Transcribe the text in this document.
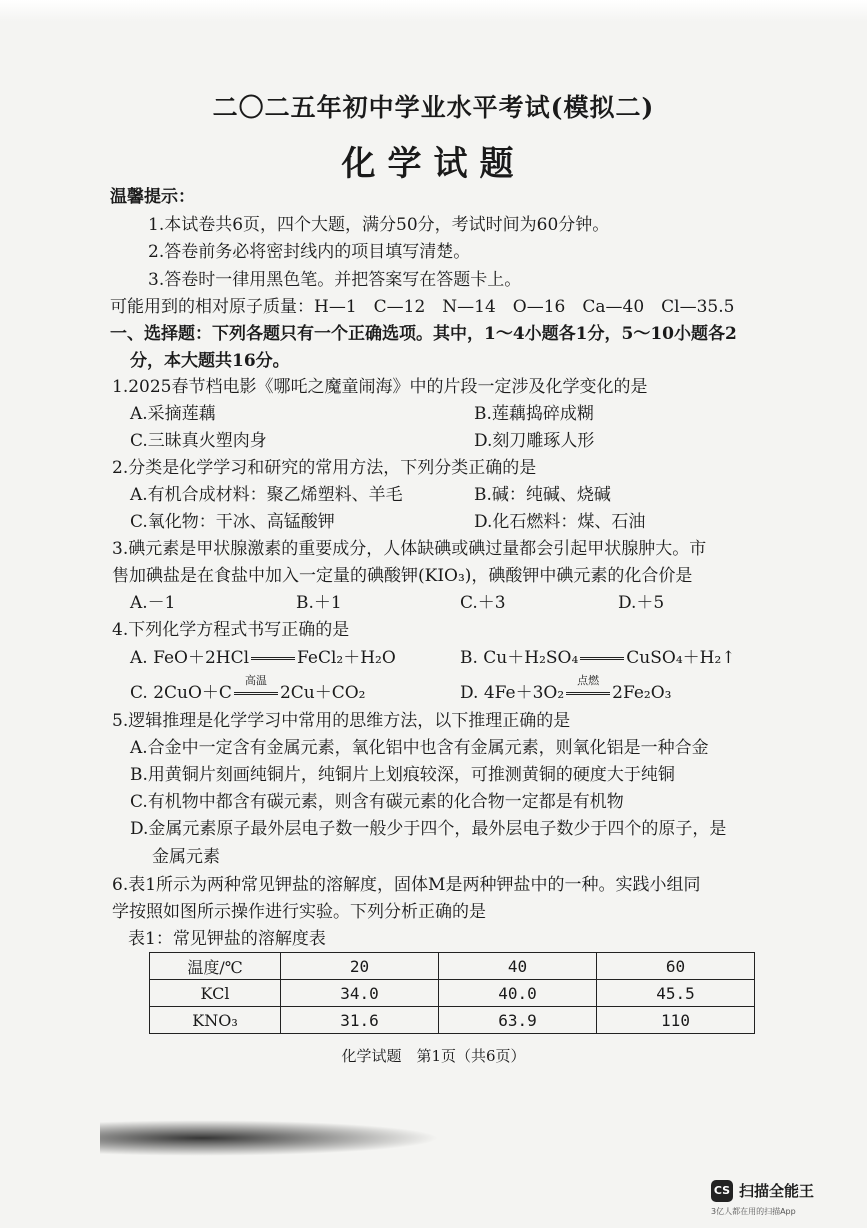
二〇二五年初中学业水平考试(模拟二)
化学试题
温馨提示：
1.本试卷共6页，四个大题，满分50分，考试时间为60分钟。
2.答卷前务必将密封线内的项目填写清楚。
3.答卷时一律用黑色笔。并把答案写在答题卡上。
可能用到的相对原子质量：H—1　C—12　N—14　O—16　Ca—40　Cl—35.5
一、选择题：下列各题只有一个正确选项。其中，1～4小题各1分，5～10小题各2
分，本大题共16分。
1.2025春节档电影《哪吒之魔童闹海》中的片段一定涉及化学变化的是
A.采摘莲藕	B.莲藕捣碎成糊
C.三昧真火塑肉身	D.刻刀雕琢人形
2.分类是化学学习和研究的常用方法，下列分类正确的是
A.有机合成材料：聚乙烯塑料、羊毛	B.碱：纯碱、烧碱
C.氧化物：干冰、高锰酸钾	D.化石燃料：煤、石油
3.碘元素是甲状腺激素的重要成分，人体缺碘或碘过量都会引起甲状腺肿大。市
售加碘盐是在食盐中加入一定量的碘酸钾(KIO₃)，碘酸钾中碘元素的化合价是
A.－1	B.＋1	C.＋3	D.＋5
4.下列化学方程式书写正确的是
A. FeO＋2HCl	FeCl₂＋H₂O	B. Cu＋H₂SO₄	CuSO₄＋H₂↑
C. 2CuO＋C
高温
2Cu＋CO₂	D. 4Fe＋3O₂
点燃
2Fe₂O₃
5.逻辑推理是化学学习中常用的思维方法，以下推理正确的是
A.合金中一定含有金属元素，氧化铝中也含有金属元素，则氧化铝是一种合金
B.用黄铜片刻画纯铜片，纯铜片上划痕较深，可推测黄铜的硬度大于纯铜
C.有机物中都含有碳元素，则含有碳元素的化合物一定都是有机物
D.金属元素原子最外层电子数一般少于四个，最外层电子数少于四个的原子，是
金属元素
6.表1所示为两种常见钾盐的溶解度，固体M是两种钾盐中的一种。实践小组同
学按照如图所示操作进行实验。下列分析正确的是
表1：常见钾盐的溶解度表
温度/℃	20	40	60
KCl	34.0	40.0	45.5
KNO₃	31.6	63.9	110
化学试题　第1页（共6页）
CS 扫描全能王
3亿人都在用的扫描App
